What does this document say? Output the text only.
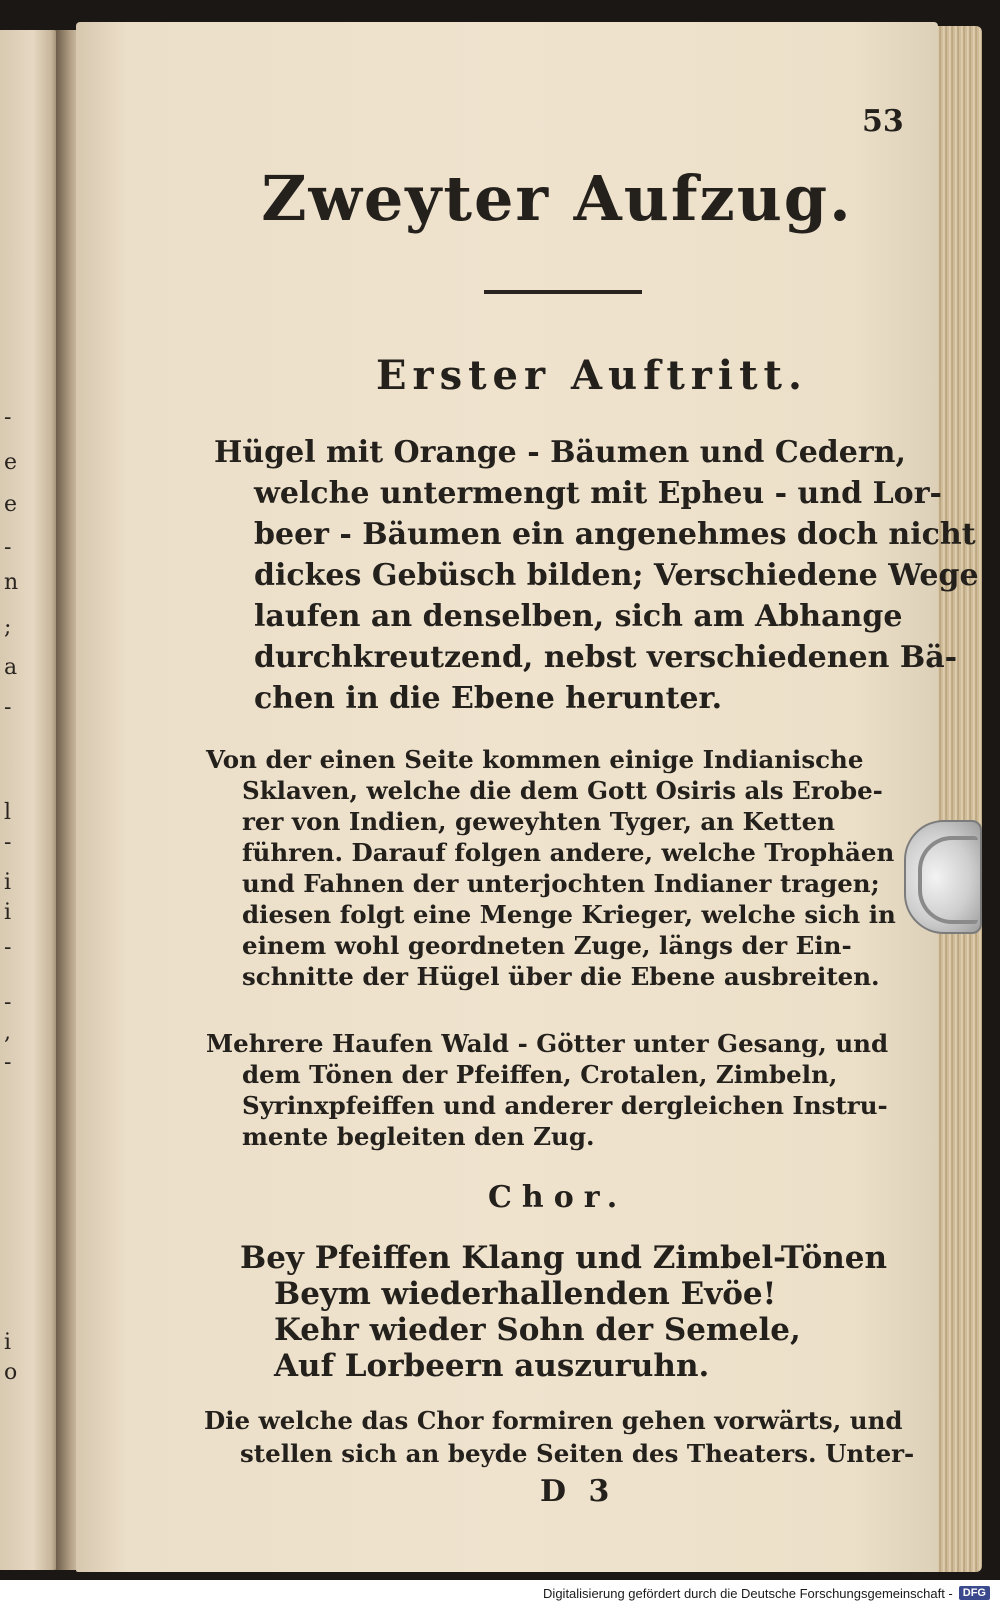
-
e
e
-
n
;
a
-
l
-
i
i
-
-
,
-
i
o
53
Zweyter Aufzug.
Erster Auftritt.
Hügel mit Orange - Bäumen und Cedern,
welche untermengt mit Epheu - und Lor-
beer - Bäumen ein angenehmes doch nicht
dickes Gebüsch bilden; Verschiedene Wege
laufen an denselben, sich am Abhange
durchkreutzend, nebst verschiedenen Bä-
chen in die Ebene herunter.
Von der einen Seite kommen einige Indianische
Sklaven, welche die dem Gott Osiris als Erobe-
rer von Indien, geweyhten Tyger, an Ketten
führen. Darauf folgen andere, welche Trophäen
und Fahnen der unterjochten Indianer tragen;
diesen folgt eine Menge Krieger, welche sich in
einem wohl geordneten Zuge, längs der Ein-
schnitte der Hügel über die Ebene ausbreiten.
Mehrere Haufen Wald - Götter unter Gesang, und
dem Tönen der Pfeiffen, Crotalen, Zimbeln,
Syrinxpfeiffen und anderer dergleichen Instru-
mente begleiten den Zug.
Chor.
Bey Pfeiffen Klang und Zimbel-Tönen
Beym wiederhallenden Evöe!
Kehr wieder Sohn der Semele,
Auf Lorbeern auszuruhn.
Die welche das Chor formiren gehen vorwärts, und
stellen sich an beyde Seiten des Theaters. Unter-
D 3
Digitalisierung gefördert durch die Deutsche Forschungsgemeinschaft - DFG
